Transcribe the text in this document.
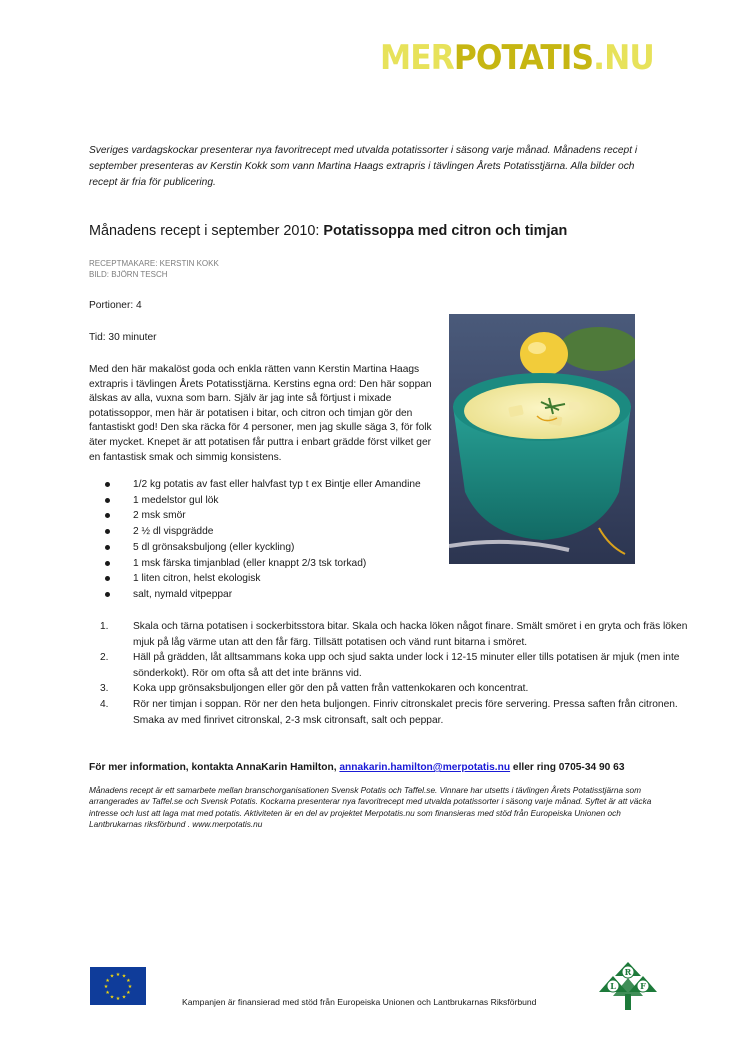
MERPOTATIS.NU

Sveriges vardagskockar presenterar nya favoritrecept med utvalda potatissorter i säsong varje månad. Månadens recept i september presenteras av Kerstin Kokk som vann Martina Haags extrapris i tävlingen Årets Potatisstjärna. Alla bilder och recept är fria för publicering.

Månadens recept i september 2010: Potatissoppa med citron och timjan
RECEPTMAKARE: KERSTIN KOKK
BILD: BJÖRN TESCH
Portioner: 4
Tid: 30 minuter

Med den här makalöst goda och enkla rätten vann Kerstin Martina Haags extrapris i tävlingen Årets Potatisstjärna. Kerstins egna ord: Den här soppan älskas av alla, vuxna som barn. Själv är jag inte så förtjust i mixade potatissoppor, men här är potatisen i bitar, och citron och timjan gör den fantastiskt god! Den ska räcka för 4 personer, men jag skulle säga 3, för folk äter mycket. Knepet är att potatisen får puttra i enbart grädde först vilket ger en fantastisk smak och simmig konsistens.

1/2 kg potatis av fast eller halvfast typ t ex Bintje eller Amandine
1 medelstor gul lök
2 msk smör
2 ½ dl vispgrädde
5 dl grönsaksbuljong (eller kyckling)
1 msk färska timjanblad (eller knappt 2/3 tsk torkad)
1 liten citron, helst ekologisk
salt, nymald vitpeppar
Skala och tärna potatisen i sockerbitsstora bitar. Skala och hacka löken något finare. Smält smöret i en gryta och fräs löken mjuk på låg värme utan att den får färg. Tillsätt potatisen och vänd runt bitarna i smöret.
Häll på grädden, låt alltsammans koka upp och sjud sakta under lock i 12-15 minuter eller tills potatisen är mjuk (men inte sönderkokt). Rör om ofta så att det inte bränns vid.
Koka upp grönsaksbuljongen eller gör den på vatten från vattenkokaren och koncentrat.
Rör ner timjan i soppan. Rör ner den heta buljongen. Finriv citronskalet precis före servering. Pressa saften från citronen. Smaka av med finrivet citronskal, 2-3 msk citronsaft, salt och peppar.
För mer information, kontakta AnnaKarin Hamilton, annakarin.hamilton@merpotatis.nu eller ring 0705-34 90 63

Månadens recept är ett samarbete mellan branschorganisationen Svensk Potatis och Taffel.se. Vinnare har utsetts i tävlingen Årets Potatisstjärna som arrangerades av Taffel.se och Svensk Potatis. Kockarna presenterar nya favoritrecept med utvalda potatissorter i säsong varje månad. Syftet är att väcka intresse och lust att laga mat med potatis. Aktiviteten är en del av projektet Merpotatis.nu som finansieras med stöd från Europeiska Unionen och Lantbrukarnas riksförbund . www.merpotatis.nu

★ ★
★
★
★
★
★
★
★
★
★
★
Kampanjen är finansierad med stöd från Europeiska Unionen och Lantbrukarnas Riksförbund
R
L	F
